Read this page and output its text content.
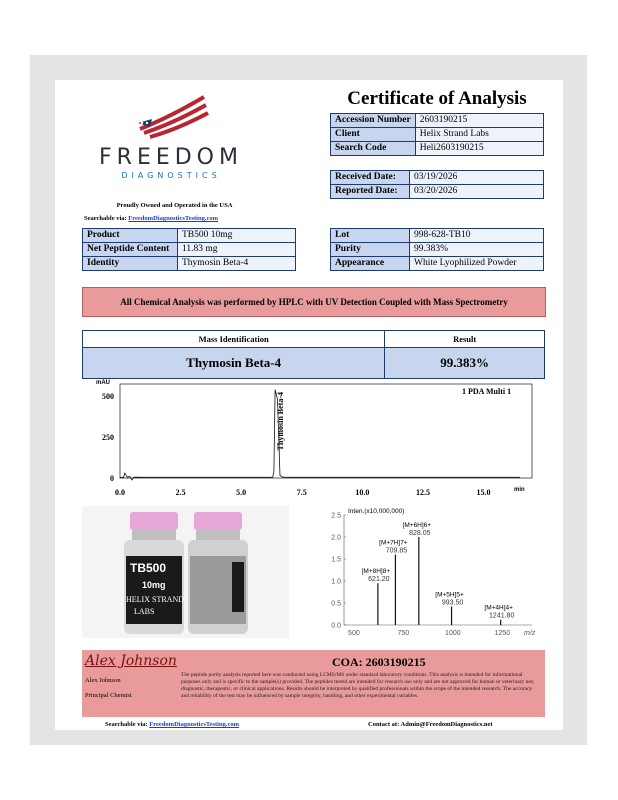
FREEDOM
DIAGNOSTICS
Proudly Owned and Operated in the USA
Searchable via: FreedomDiagnosticsTesting.com
Certificate of Analysis
Accession Number	2603190215
Client	Helix Strand Labs
Search Code	Heli2603190215
Received Date:	03/19/2026
Reported Date:	03/20/2026
Product	TB500 10mg
Net Peptide Content	11.83 mg
Identity	Thymosin Beta-4
Lot	998-628-TB10
Purity	99.383%
Appearance	White Lyophilized Powder
All Chemical Analysis was performed by HPLC with UV Detection Coupled with Mass Spectrometry
Mass Identification	Result
Thymosin Beta-4	99.383%
mAU
1 PDA Multi 1
0
250
500
0.0	2.5	5.0	7.5	10.0	12.5	15.0	min
Thymosin Beta-4
TB500
10mg
HELIX STRAND
LABS
Inten.(x10,000,000)
0.0
0.5
1.0
1.5
2.0
2.5
500	750	1000	1250 m/z
621.20
[M+8H]8+
709.85
[M+7H]7+
828.05
[M+6H]6+
993.50
[M+5H]5+
1241.80
[M+4H]4+
Alex Johnson
Alex Johnson
Principal Chemist
COA: 2603190215
The peptide purity analysis reported here was conducted using LCMS/MS under standard laboratory conditions. This analysis is intended for informational purposes only and is specific to the sample(s) provided. The peptides tested are intended for research use only and are not approved for human or veterinary use, diagnostic, therapeutic, or clinical applications. Results should be interpreted by qualified professionals within the scope of the intended research. The accuracy and reliability of the test may be influenced by sample integrity, handling, and other experimental variables.
Searchable via: FreedomDiagnosticsTesting.com	Contact at: Admin@FreedomDiagnostics.net
